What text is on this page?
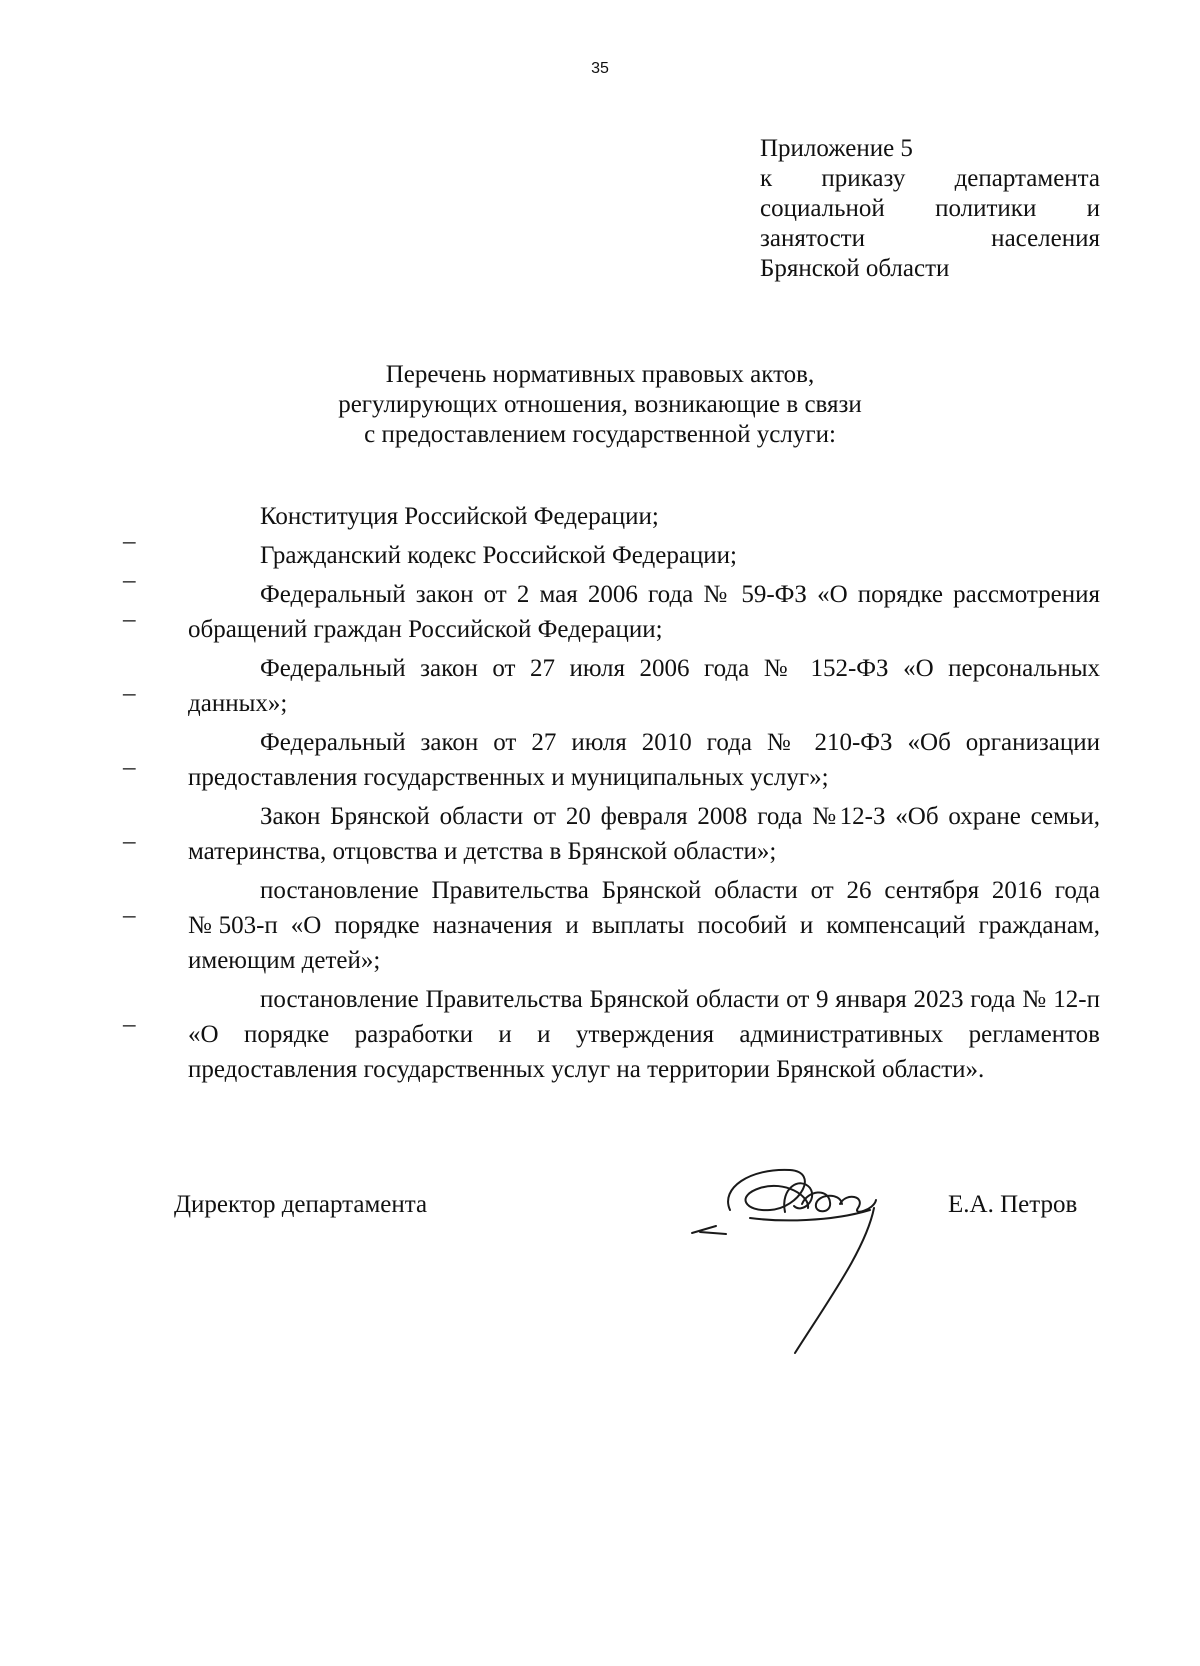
35
Приложение 5
к приказу департамента
социальной политики и
занятости населения
Брянской области
Перечень нормативных правовых актов,
регулирующих отношения, возникающие в связи
с предоставлением государственной услуги:

–
Конституция Российской Федерации;

–
Гражданский кодекс Российской Федерации;

–
Федеральный закон от 2 мая 2006 года № 59-ФЗ «О порядке рассмотрения обращений граждан Российской Федерации;

–
Федеральный закон от 27 июля 2006 года № 152-ФЗ «О персональных данных»;

–
Федеральный закон от 27 июля 2010 года № 210-ФЗ «Об организации предоставления государственных и муниципальных услуг»;

–
Закон Брянской области от 20 февраля 2008 года №12-З «Об охране семьи, материнства, отцовства и детства в Брянской области»;

–
постановление Правительства Брянской области от 26 сентября 2016 года №503-п «О порядке назначения и выплаты пособий и компенсаций гражданам, имеющим детей»;

–
постановление Правительства Брянской области от 9 января 2023 года № 12-п «О порядке разработки и и утверждения административных регламентов предоставления государственных услуг на территории Брянской области».

Директор департамента	Е.А. Петров
